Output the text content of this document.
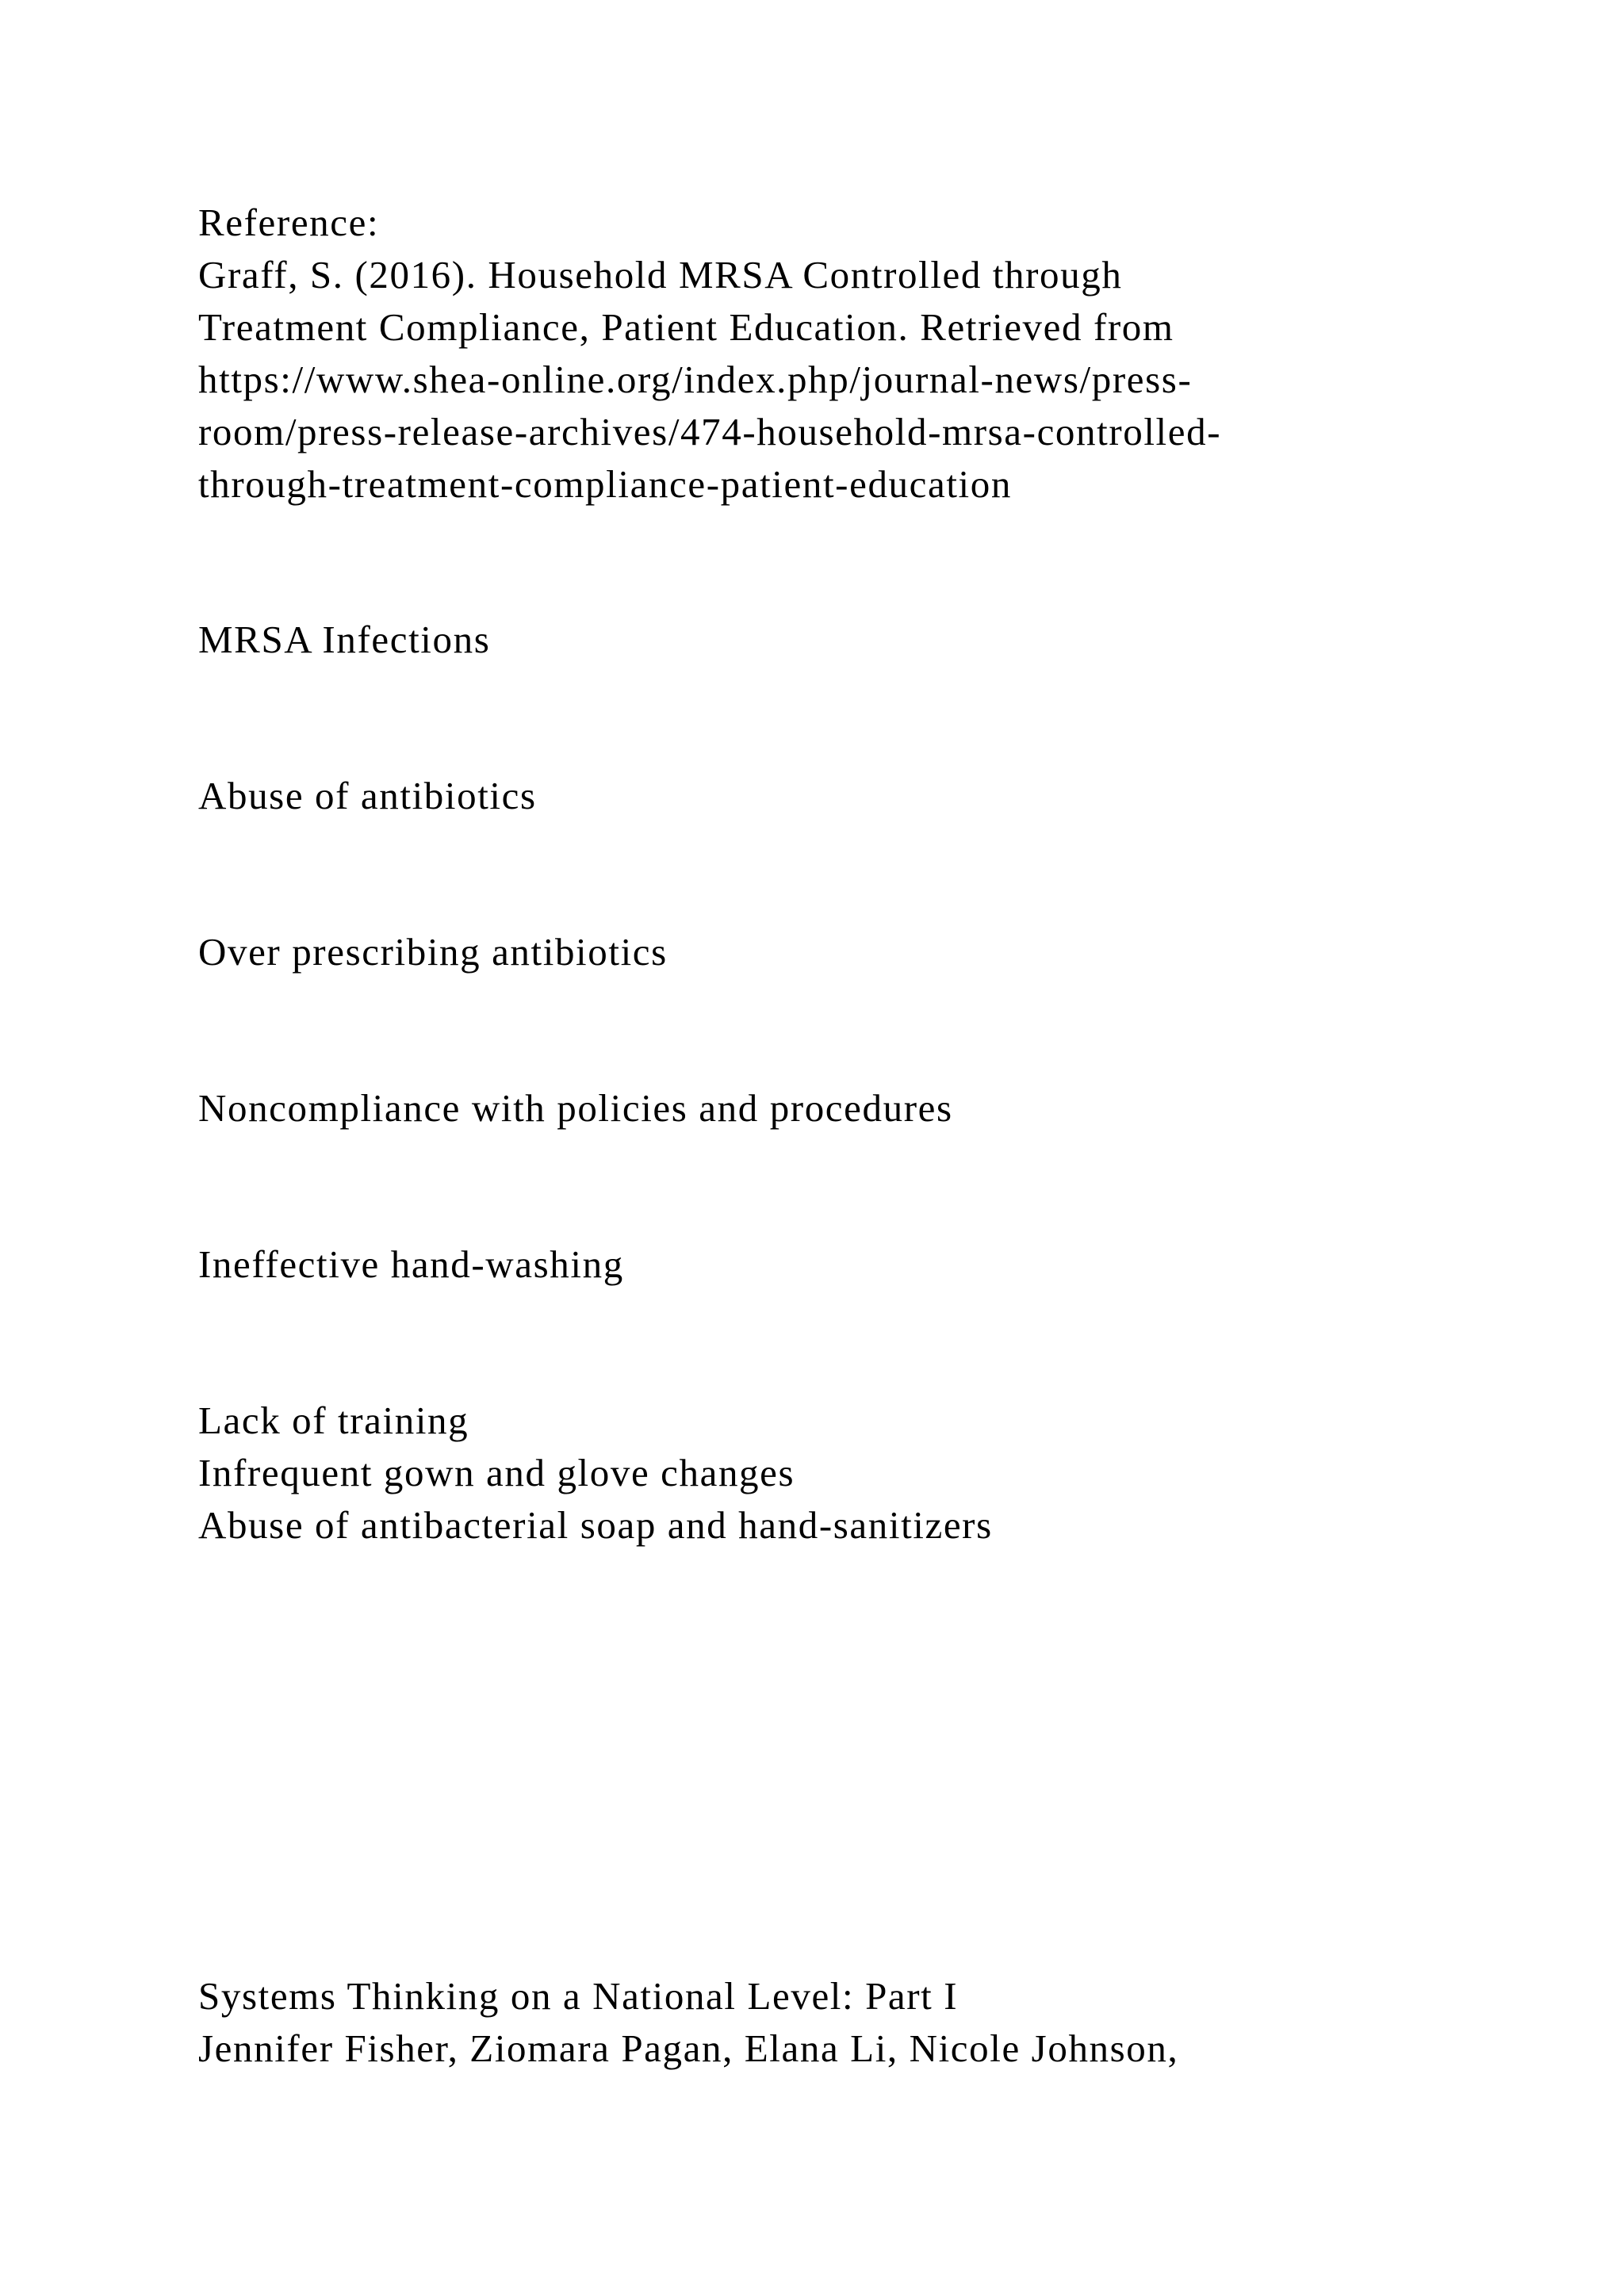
Reference:

Graff, S. (2016). Household MRSA Controlled through

Treatment Compliance, Patient Education. Retrieved from

https://www.shea-online.org/index.php/journal-news/press-

room/press-release-archives/474-household-mrsa-controlled-

through-treatment-compliance-patient-education

MRSA Infections

Abuse of antibiotics

Over prescribing antibiotics

Noncompliance with policies and procedures

Ineffective hand-washing

Lack of training

Infrequent gown and glove changes

Abuse of antibacterial soap and hand-sanitizers

Systems Thinking on a National Level: Part I

Jennifer Fisher, Ziomara Pagan, Elana Li, Nicole Johnson,
